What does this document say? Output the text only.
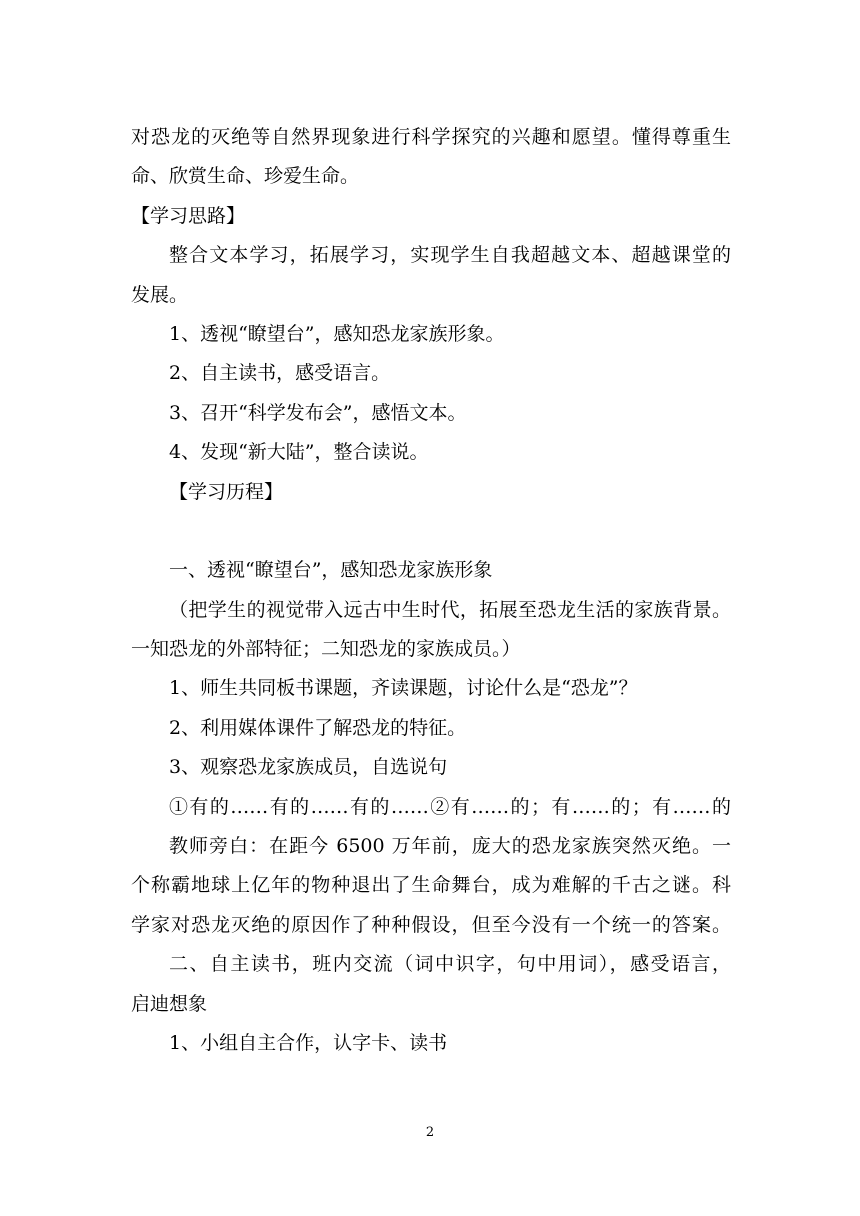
对恐龙的灭绝等自然界现象进行科学探究的兴趣和愿望。懂得尊重生
命、欣赏生命、珍爱生命。
【学习思路】
整合文本学习，拓展学习，实现学生自我超越文本、超越课堂的
发展。
1、透视“瞭望台”，感知恐龙家族形象。
2、自主读书，感受语言。
3、召开“科学发布会”，感悟文本。
4、发现“新大陆”，整合读说。
【学习历程】
一、透视“瞭望台”，感知恐龙家族形象
（把学生的视觉带入远古中生时代，拓展至恐龙生活的家族背景。
一知恐龙的外部特征；二知恐龙的家族成员。）
1、师生共同板书课题，齐读课题，讨论什么是“恐龙”？
2、利用媒体课件了解恐龙的特征。
3、观察恐龙家族成员，自选说句
①有的……有的……有的……②有……的；有……的；有……的
教师旁白：在距今 6500 万年前，庞大的恐龙家族突然灭绝。一
个称霸地球上亿年的物种退出了生命舞台，成为难解的千古之谜。科
学家对恐龙灭绝的原因作了种种假设，但至今没有一个统一的答案。
二、自主读书，班内交流（词中识字，句中用词），感受语言，
启迪想象
1、小组自主合作，认字卡、读书
2
